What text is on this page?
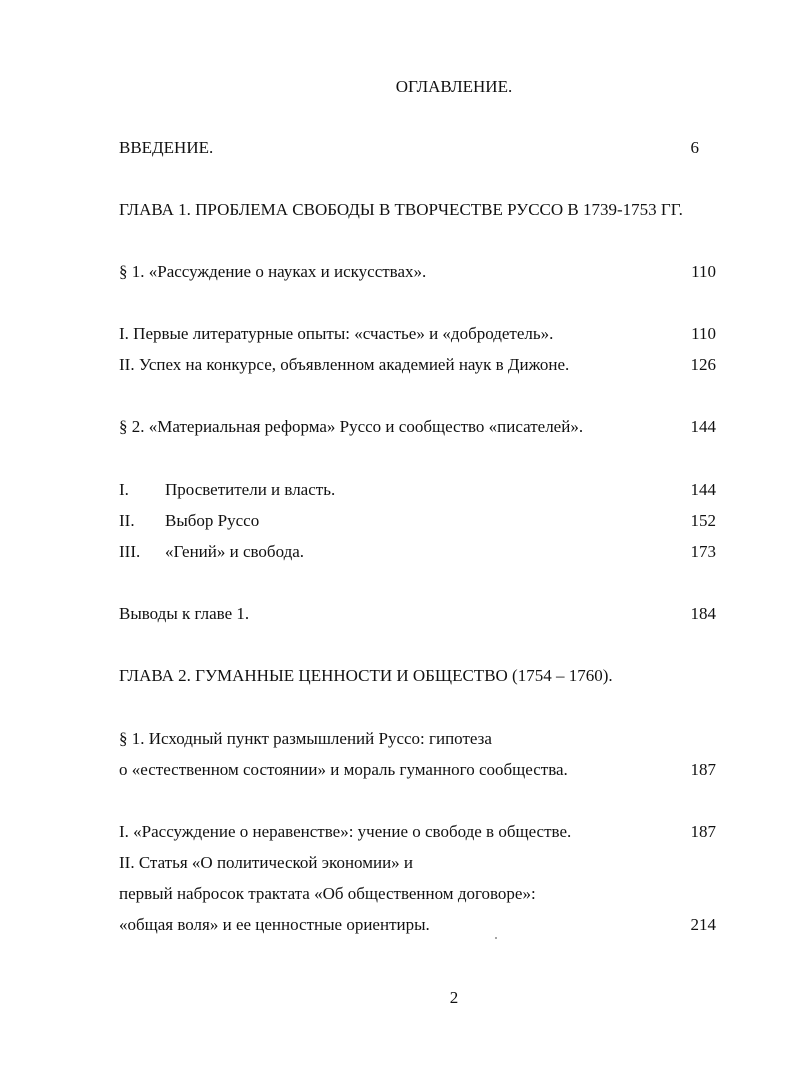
ОГЛАВЛЕНИЕ.
ВВЕДЕНИЕ.	6
ГЛАВА 1. ПРОБЛЕМА СВОБОДЫ В ТВОРЧЕСТВЕ РУССО В 1739-1753 ГГ.
§ 1. «Рассуждение о науках и искусствах».	110
I. Первые литературные опыты: «счастье» и «добродетель».	110
II. Успех на конкурсе, объявленном академией наук в Дижоне.	126
§ 2. «Материальная реформа» Руссо и сообщество «писателей».	144
I. Просветители и власть.	144
II. Выбор Руссо	152
III. «Гений» и свобода.	173
Выводы к главе 1.	184
ГЛАВА 2. ГУМАННЫЕ ЦЕННОСТИ И ОБЩЕСТВО (1754 – 1760).
§ 1. Исходный пункт размышлений Руссо: гипотеза
о «естественном состоянии» и мораль гуманного сообщества.	187
I. «Рассуждение о неравенстве»: учение о свободе в обществе.	187
II. Статья «О политической экономии» и
первый набросок трактата «Об общественном договоре»:
«общая воля» и ее ценностные ориентиры.	214
2
